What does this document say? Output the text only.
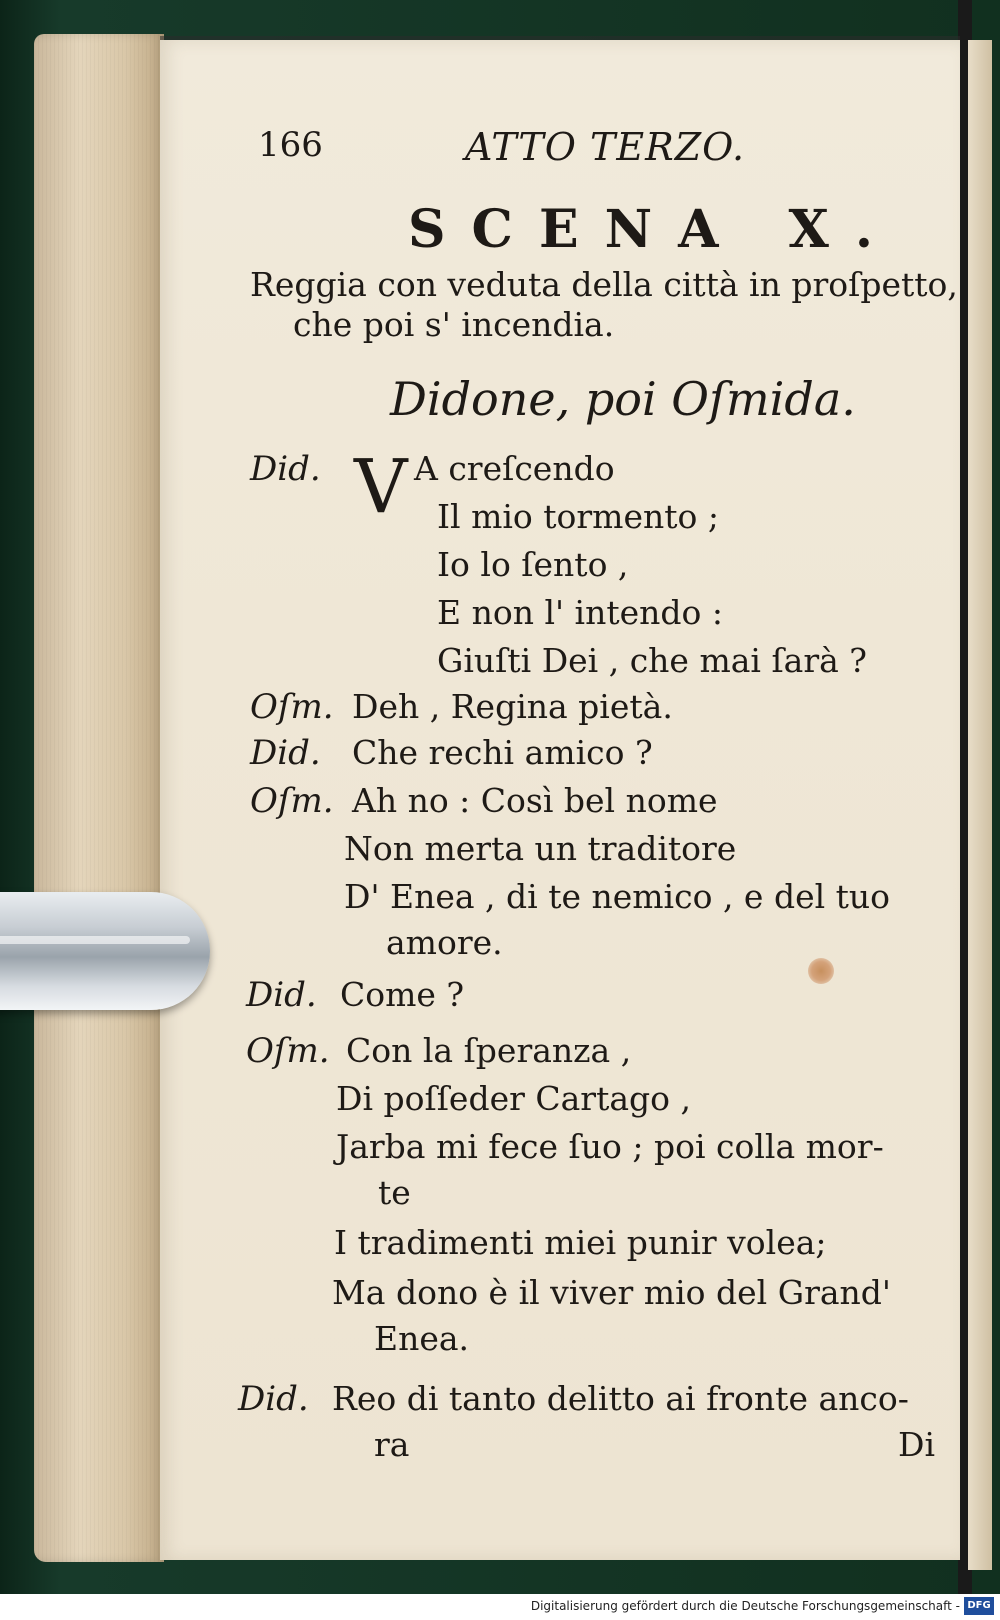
166	ATTO TERZO.
SCENA X.
Reggia con veduta della città in proſpetto,
che poi s' incendia.
Didone, poi Oſmida.
Did. V A creſcendo
Il mio tormento ;
Io lo ſento ,
E non l' intendo :
Giuſti Dei , che mai ſarà ?
Oſm. Deh , Regina pietà.
Did. Che rechi amico ?
Oſm. Ah no : Così bel nome
Non merta un traditore
D' Enea , di te nemico , e del tuo
amore.
Did. Come ?
Oſm. Con la ſperanza ,
Di poſſeder Cartago ,
Jarba mi fece ſuo ; poi colla mor-
te
I tradimenti miei punir volea;
Ma dono è il viver mio del Grand'
Enea.
Did. Reo di tanto delitto ai fronte anco-
ra	Di
Digitalisierung gefördert durch die Deutsche Forschungsgemeinschaft - DFG
